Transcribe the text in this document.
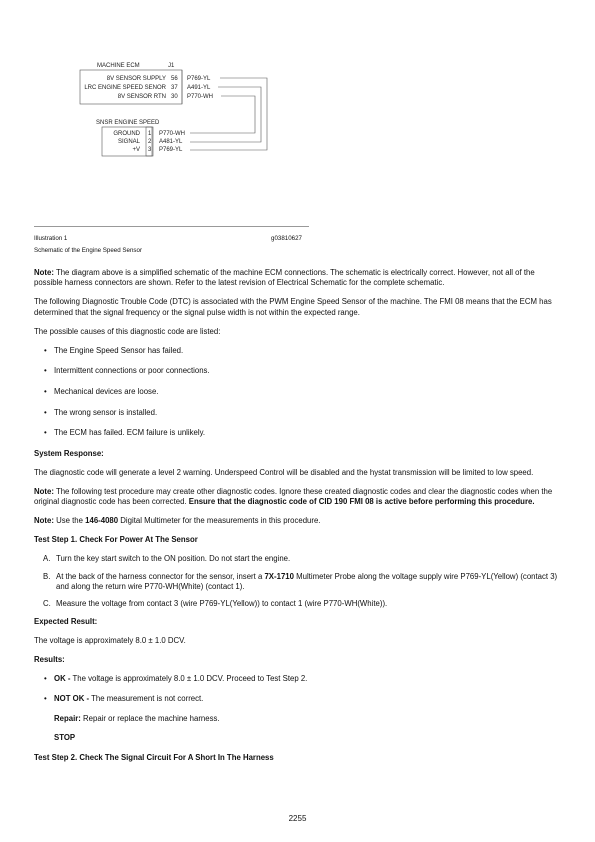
MACHINE ECM	J1
8V SENSOR SUPPLY
LRC ENGINE SPEED SENOR
8V SENSOR RTN
56
37
30
P769-YL
A491-YL
P770-WH
SNSR ENGINE SPEED
GROUND
SIGNAL
+V
1
2
3
P770-WH
A481-YL
P769-YL
Illustration 1	g03810627
Schematic of the Engine Speed Sensor

Note: The diagram above is a simplified schematic of the machine ECM connections. The schematic is electrically correct. However, not all of the possible harness connectors are shown. Refer to the latest revision of Electrical Schematic for the complete schematic.

The following Diagnostic Trouble Code (DTC) is associated with the PWM Engine Speed Sensor of the machine. The FMI 08 means that the ECM has determined that the signal frequency or the signal pulse width is not within the expected range.

The possible causes of this diagnostic code are listed:

• The Engine Speed Sensor has failed.
• Intermittent connections or poor connections.
• Mechanical devices are loose.
• The wrong sensor is installed.
• The ECM has failed. ECM failure is unlikely.

System Response:

The diagnostic code will generate a level 2 warning. Underspeed Control will be disabled and the hystat transmission will be limited to low speed.

Note: The following test procedure may create other diagnostic codes. Ignore these created diagnostic codes and clear the diagnostic codes when the original diagnostic code has been corrected. Ensure that the diagnostic code of CID 190 FMI 08 is active before performing this procedure.

Note: Use the 146-4080 Digital Multimeter for the measurements in this procedure.

Test Step 1. Check For Power At The Sensor

A. Turn the key start switch to the ON position. Do not start the engine.
B. At the back of the harness connector for the sensor, insert a 7X-1710 Multimeter Probe along the voltage supply wire P769-YL(Yellow) (contact 3) and along the return wire P770-WH(White) (contact 1).
C. Measure the voltage from contact 3 (wire P769-YL(Yellow)) to contact 1 (wire P770-WH(White)).

Expected Result:

The voltage is approximately 8.0 ± 1.0 DCV.

Results:

• OK - The voltage is approximately 8.0 ± 1.0 DCV. Proceed to Test Step 2.
• NOT OK - The measurement is not correct.
Repair: Repair or replace the machine harness.
STOP

Test Step 2. Check The Signal Circuit For A Short In The Harness

2255
